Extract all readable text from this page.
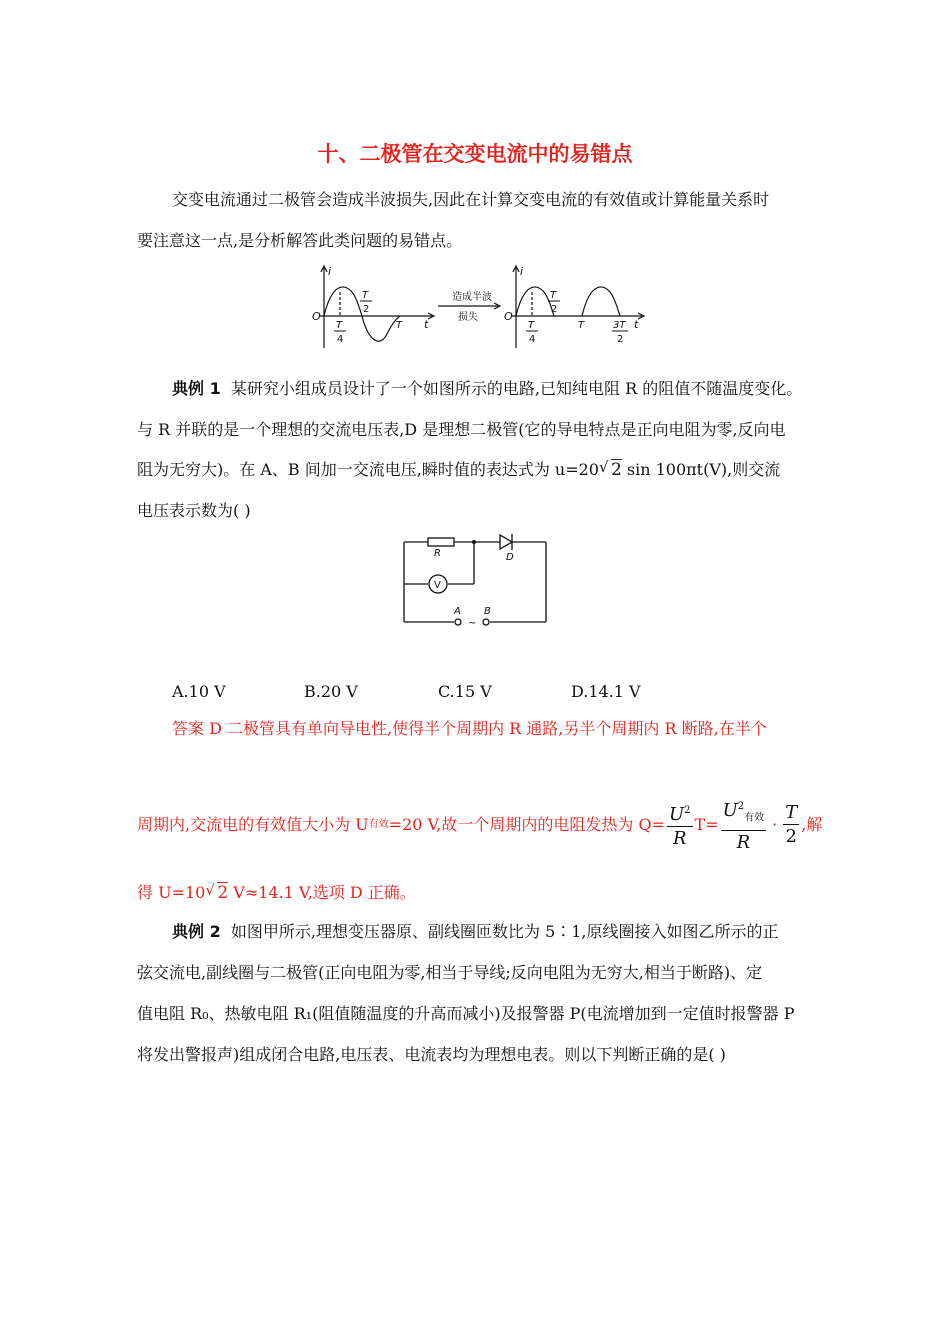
十、二极管在交变电流中的易错点
交变电流通过二极管会造成半波损失,因此在计算交变电流的有效值或计算能量关系时
要注意这一点,是分析解答此类问题的易错点。
i
t
O
T
4
T
2
T
造成半波
损失
i
t
O
T
4
T
2
T	3T
2
典例 1 某研究小组成员设计了一个如图所示的电路,已知纯电阻 R 的阻值不随温度变化。
与 R 并联的是一个理想的交流电压表,D 是理想二极管(它的导电特点是正向电阻为零,反向电
阻为无穷大)。在 A、B 间加一交流电压,瞬时值的表达式为 u=20 √ 2 sin 100πt(V),则交流
电压表示数为( )
R	D
V
A B
~
A.10 V	B.20 V	C.15 V	D.14.1 V
答案 D 二极管具有单向导电性,使得半个周期内 R 通路,另半个周期内 R 断路,在半个
周期内,交流电的有效值大小为 U 有效 =20 V,故一个周期内的电阻发热为 $Q= \frac{U^2}{R} T= \frac{U^2_{有效}}{R} \cdot \frac{T}{2}$ ,解
得 U=10 √ 2 V≈14.1 V,选项 D 正确。
典例 2 如图甲所示,理想变压器原、副线圈匝数比为 5∶1,原线圈接入如图乙所示的正
弦交流电,副线圈与二极管(正向电阻为零,相当于导线;反向电阻为无穷大,相当于断路)、定
值电阻 R₀、热敏电阻 R₁(阻值随温度的升高而减小)及报警器 P(电流增加到一定值时报警器 P
将发出警报声)组成闭合电路,电压表、电流表均为理想电表。则以下判断正确的是( )
